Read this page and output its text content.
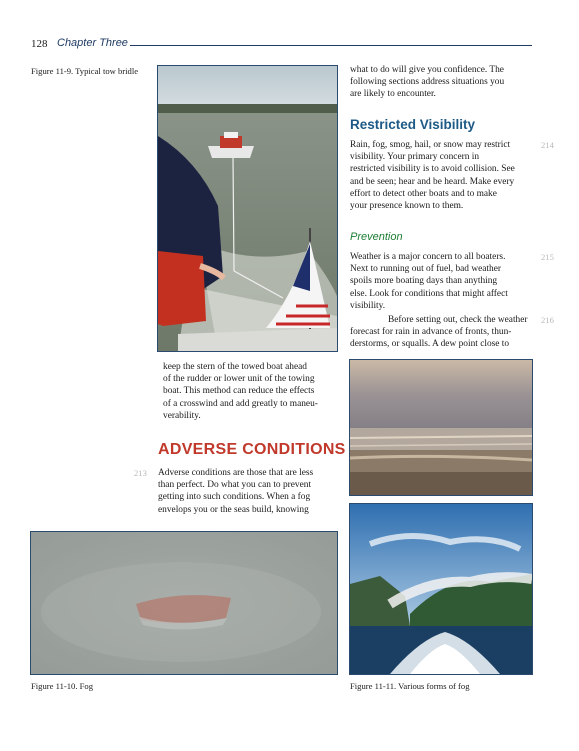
128 Chapter Three
Figure 11-9. Typical tow bridle
keep the stern of the towed boat ahead
of the rudder or lower unit of the towing
boat. This method can reduce the effects
of a crosswind and add greatly to maneu-
verability.
ADVERSE CONDITIONS
213 Adverse conditions are those that are less
than perfect. Do what you can to prevent
getting into such conditions. When a fog
envelops you or the seas build, knowing
Figure 11-10. Fog
what to do will give you confidence. The
following sections address situations you
are likely to encounter.
Restricted Visibility
214
Rain, fog, smog, hail, or snow may restrict
visibility. Your primary concern in
restricted visibility is to avoid collision. See
and be seen; hear and be heard. Make every
effort to detect other boats and to make
your presence known to them.
Prevention
215
Weather is a major concern to all boaters.
Next to running out of fuel, bad weather
spoils more boating days than anything
else. Look for conditions that might affect
visibility.
216
Before setting out, check the weather
forecast for rain in advance of fronts, thun-
derstorms, or squalls. A dew point close to
Figure 11-11. Various forms of fog
